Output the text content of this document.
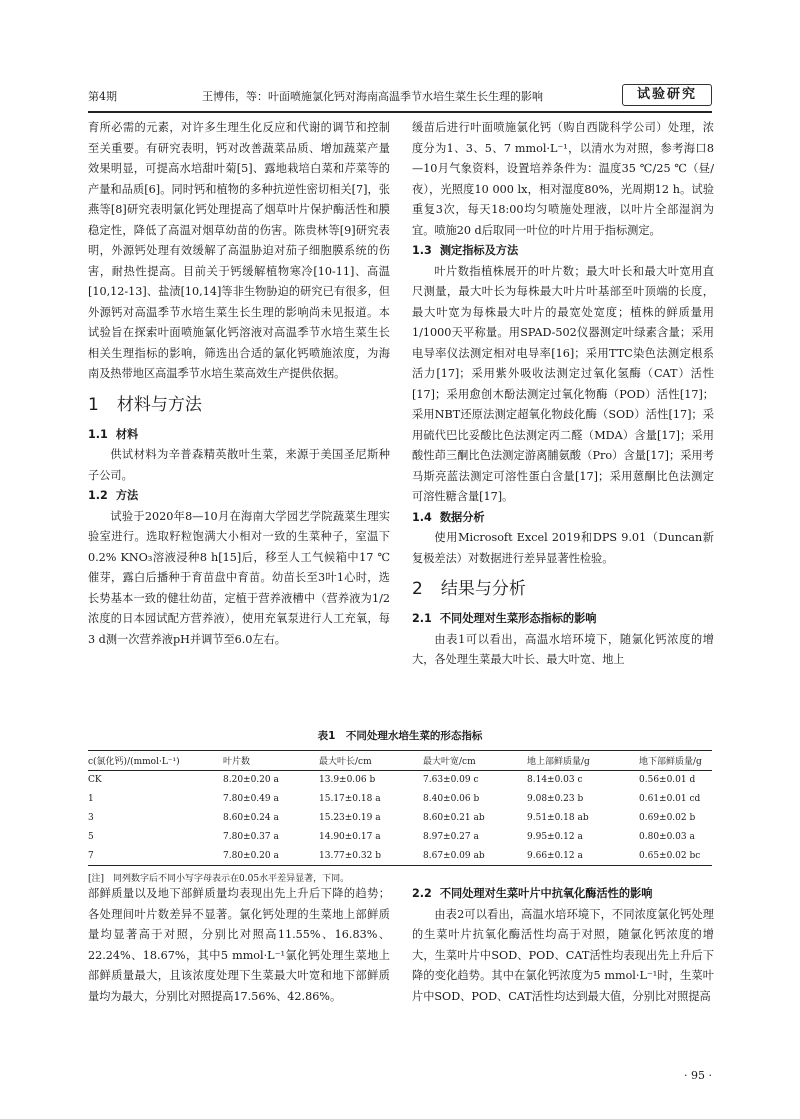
第4期	王博伟，等：叶面喷施氯化钙对海南高温季节水培生菜生长生理的影响	试验研究

育所必需的元素，对许多生理生化反应和代谢的调节和控制至关重要。有研究表明，钙对改善蔬菜品质、增加蔬菜产量效果明显，可提高水培甜叶菊[5]、露地栽培白菜和芹菜等的产量和品质[6]。同时钙和植物的多种抗逆性密切相关[7]，张燕等[8]研究表明氯化钙处理提高了烟草叶片保护酶活性和膜稳定性，降低了高温对烟草幼苗的伤害。陈贵林等[9]研究表明，外源钙处理有效缓解了高温胁迫对茄子细胞膜系统的伤害，耐热性提高。目前关于钙缓解植物寒冷[10-11]、高温[10,12-13]、盐渍[10,14]等非生物胁迫的研究已有很多，但外源钙对高温季节水培生菜生长生理的影响尚未见报道。本试验旨在探索叶面喷施氯化钙溶液对高温季节水培生菜生长相关生理指标的影响，筛选出合适的氯化钙喷施浓度，为海南及热带地区高温季节水培生菜高效生产提供依据。

1 材料与方法
1.1 材料

供试材料为辛普森精英散叶生菜，来源于美国圣尼斯种子公司。

1.2 方法

试验于2020年8—10月在海南大学园艺学院蔬菜生理实验室进行。选取籽粒饱满大小相对一致的生菜种子，室温下0.2% KNO₃溶液浸种8 h[15]后，移至人工气候箱中17 ℃催芽，露白后播种于育苗盘中育苗。幼苗长至3叶1心时，选长势基本一致的健壮幼苗，定植于营养液槽中（营养液为1/2浓度的日本园试配方营养液），使用充氧泵进行人工充氧，每3 d测一次营养液pH并调节至6.0左右。

缓苗后进行叶面喷施氯化钙（购自西陇科学公司）处理，浓度分为1、3、5、7 mmol·L⁻¹，以清水为对照，参考海口8—10月气象资料，设置培养条件为：温度35 ℃/25 ℃（昼/夜），光照度10 000 lx，相对湿度80%，光周期12 h。试验重复3次，每天18:00均匀喷施处理液，以叶片全部湿润为宜。喷施20 d后取同一叶位的叶片用于指标测定。

1.3 测定指标及方法

叶片数指植株展开的叶片数；最大叶长和最大叶宽用直尺测量，最大叶长为每株最大叶片叶基部至叶顶端的长度，最大叶宽为每株最大叶片的最宽处宽度；植株的鲜质量用1/1000天平称量。用SPAD-502仪器测定叶绿素含量；采用电导率仪法测定相对电导率[16]；采用TTC染色法测定根系活力[17]；采用紫外吸收法测定过氧化氢酶（CAT）活性[17]；采用愈创木酚法测定过氧化物酶（POD）活性[17]；采用NBT还原法测定超氧化物歧化酶（SOD）活性[17]；采用硫代巴比妥酸比色法测定丙二醛（MDA）含量[17]；采用酸性茚三酮比色法测定游离脯氨酸（Pro）含量[17]；采用考马斯亮蓝法测定可溶性蛋白含量[17]；采用蒽酮比色法测定可溶性糖含量[17]。

1.4 数据分析

使用Microsoft Excel 2019和DPS 9.01（Duncan新复极差法）对数据进行差异显著性检验。

2 结果与分析
2.1 不同处理对生菜形态指标的影响

由表1可以看出，高温水培环境下，随氯化钙浓度的增大，各处理生菜最大叶长、最大叶宽、地上

表1　不同处理水培生菜的形态指标
c(氯化钙)/(mmol·L⁻¹)	叶片数	最大叶长/cm	最大叶宽/cm	地上部鲜质量/g	地下部鲜质量/g
CK	8.20±0.20 a	13.9±0.06 b	7.63±0.09 c	8.14±0.03 c	0.56±0.01 d
1	7.80±0.49 a	15.17±0.18 a	8.40±0.06 b	9.08±0.23 b	0.61±0.01 cd
3	8.60±0.24 a	15.23±0.19 a	8.60±0.21 ab	9.51±0.18 ab	0.69±0.02 b
5	7.80±0.37 a	14.90±0.17 a	8.97±0.27 a	9.95±0.12 a	0.80±0.03 a
7	7.80±0.20 a	13.77±0.32 b	8.67±0.09 ab	9.66±0.12 a	0.65±0.02 bc
[注]　同列数字后不同小写字母表示在0.05水平差异显著，下同。

部鲜质量以及地下部鲜质量均表现出先上升后下降的趋势；各处理间叶片数差异不显著。氯化钙处理的生菜地上部鲜质量均显著高于对照，分别比对照高11.55%、16.83%、22.24%、18.67%，其中5 mmol·L⁻¹氯化钙处理生菜地上部鲜质量最大，且该浓度处理下生菜最大叶宽和地下部鲜质量均为最大，分别比对照提高17.56%、42.86%。

2.2 不同处理对生菜叶片中抗氧化酶活性的影响

由表2可以看出，高温水培环境下，不同浓度氯化钙处理的生菜叶片抗氧化酶活性均高于对照，随氯化钙浓度的增大，生菜叶片中SOD、POD、CAT活性均表现出先上升后下降的变化趋势。其中在氯化钙浓度为5 mmol·L⁻¹时，生菜叶片中SOD、POD、CAT活性均达到最大值，分别比对照提高

· 95 ·
